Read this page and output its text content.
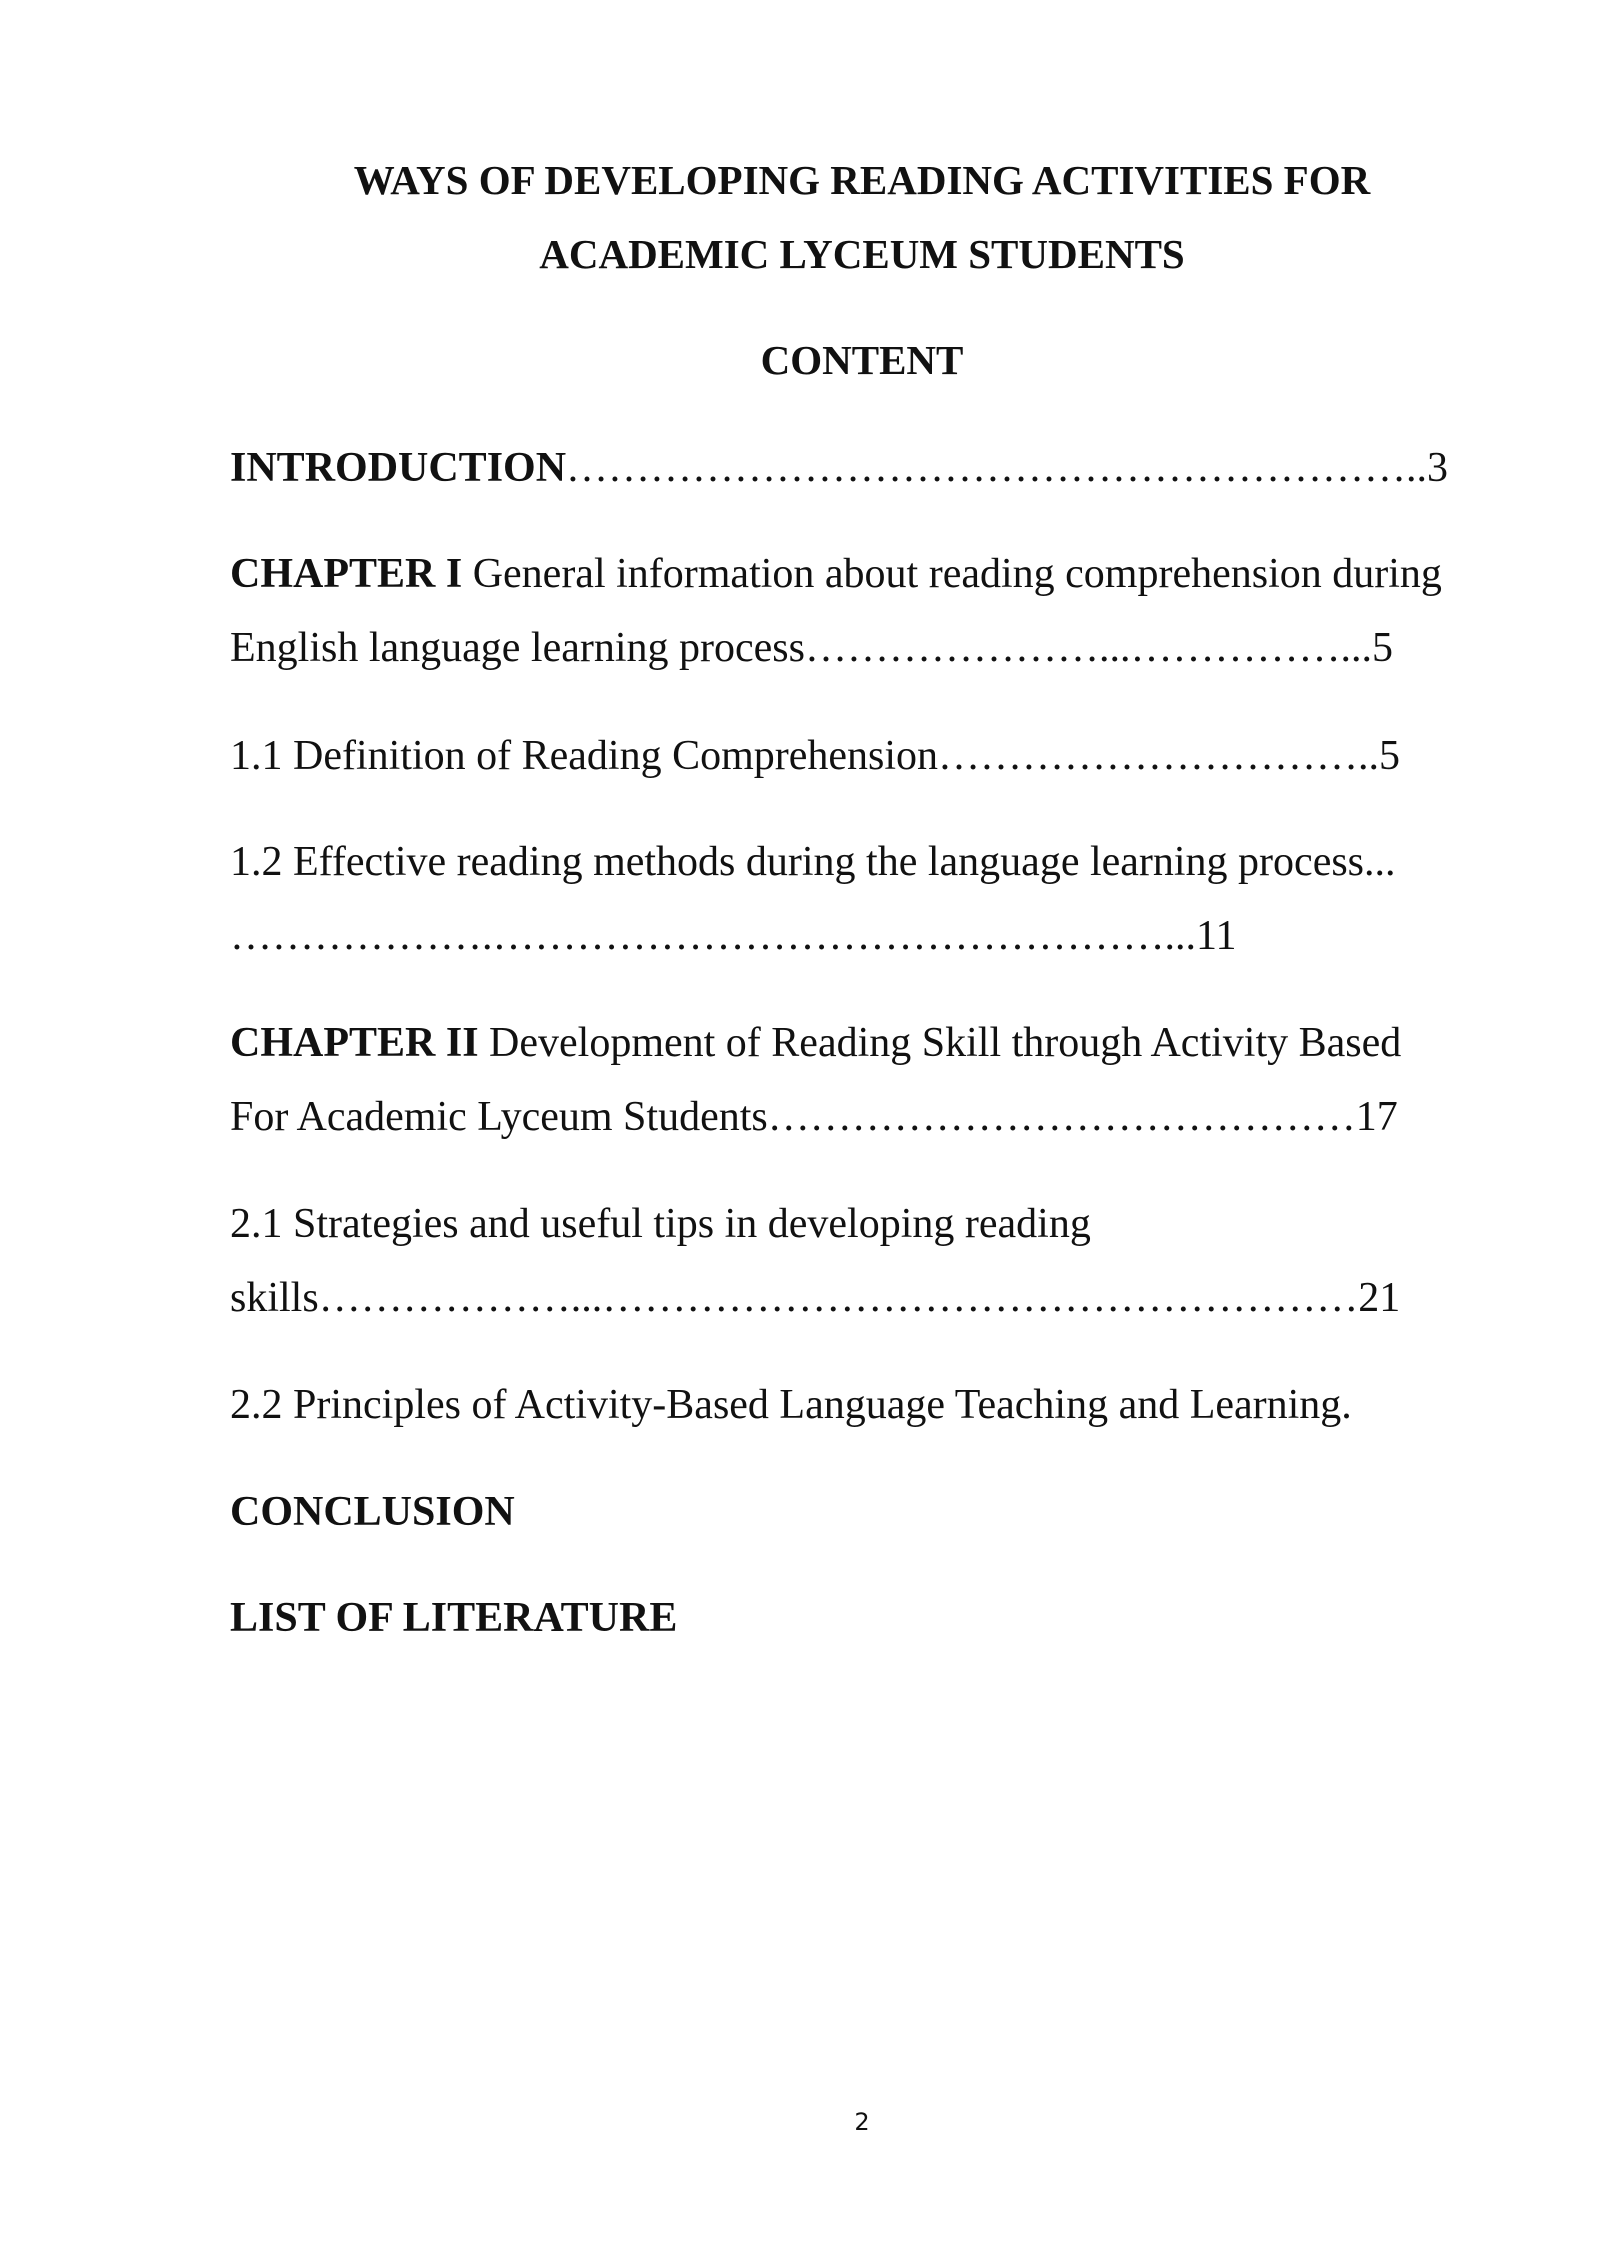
WAYS OF DEVELOPING READING ACTIVITIES FOR
ACADEMIC LYCEUM STUDENTS
CONTENT
INTRODUCTION……………………………………………………..3
CHAPTER I General information about reading comprehension during
English language learning process…………………...……………...5
1.1 Definition of Reading Comprehension…………………………..5
1.2 Effective reading methods during the language learning process...
……………….…………………………………………...11
CHAPTER II Development of Reading Skill through Activity Based
For Academic Lyceum Students……………………………………17
2.1 Strategies and useful tips in developing reading
skills………………...………………………………………………21
2.2 Principles of Activity-Based Language Teaching and Learning.
CONCLUSION
LIST OF LITERATURE
2
